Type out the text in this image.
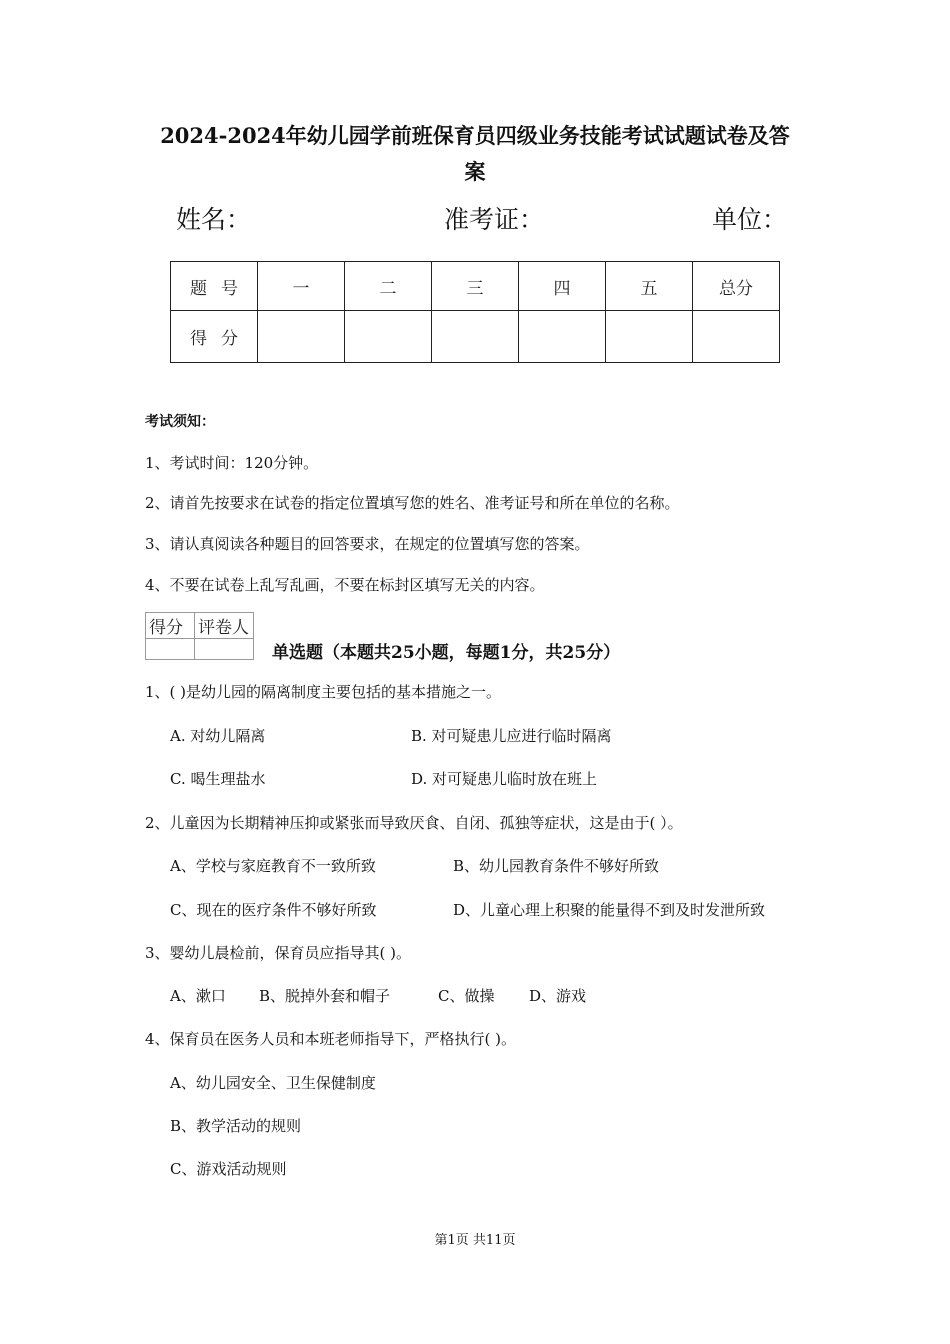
2024-2024年幼儿园学前班保育员四级业务技能考试试题试卷及答
案
姓名：	准考证：	单位：
题号	一	二	三	四	五	总分
得分						
考试须知：
1、考试时间：120分钟。
2、请首先按要求在试卷的指定位置填写您的姓名、准考证号和所在单位的名称。
3、请认真阅读各种题目的回答要求，在规定的位置填写您的答案。
4、不要在试卷上乱写乱画，不要在标封区填写无关的内容。
得分	评卷人

单选题（本题共25小题，每题1分，共25分）
1、( )是幼儿园的隔离制度主要包括的基本措施之一。
A. 对幼儿隔离	B. 对可疑患儿应进行临时隔离
C. 喝生理盐水	D. 对可疑患儿临时放在班上
2、儿童因为长期精神压抑或紧张而导致厌食、自闭、孤独等症状，这是由于( ）。
A、学校与家庭教育不一致所致	B、幼儿园教育条件不够好所致
C、现在的医疗条件不够好所致	D、儿童心理上积聚的能量得不到及时发泄所致
3、婴幼儿晨检前，保育员应指导其( )。
A、漱口 B、脱掉外套和帽子	C、做操 D、游戏
4、保育员在医务人员和本班老师指导下，严格执行( )。
A、幼儿园安全、卫生保健制度
B、教学活动的规则
C、游戏活动规则
第1页 共11页
